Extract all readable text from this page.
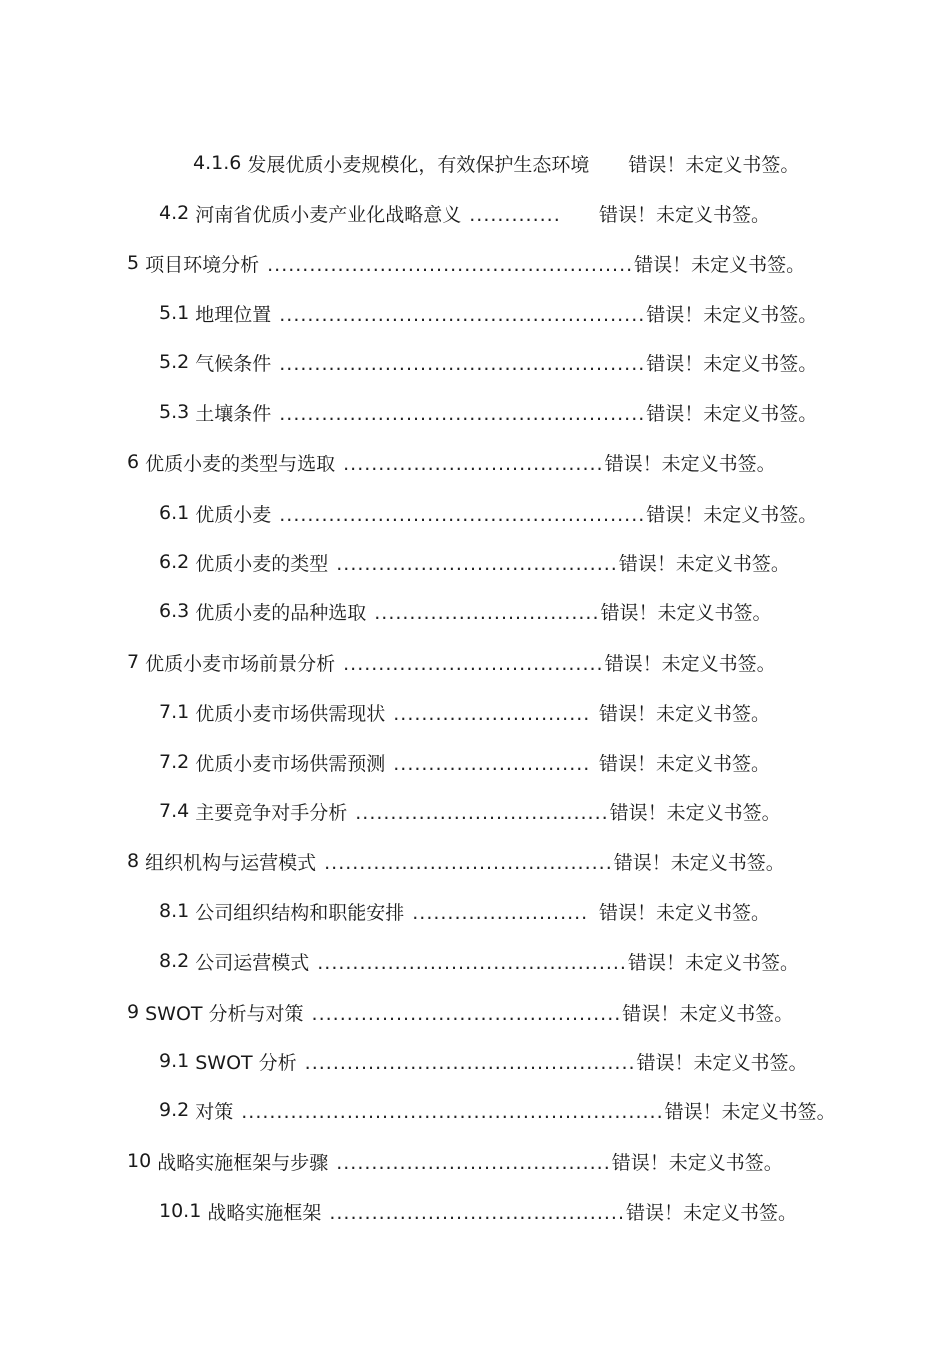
4.1.6 发展优质小麦规模化，有效保护生态环境 错误！未定义书签。
4.2 河南省优质小麦产业化战略意义 .............	错误！未定义书签。
5 项目环境分析 .................................................... 错误！未定义书签。
5.1 地理位置 .................................................... 错误！未定义书签。
5.2 气候条件 .................................................... 错误！未定义书签。
5.3 土壤条件 .................................................... 错误！未定义书签。
6 优质小麦的类型与选取 ..................................... 错误！未定义书签。
6.1 优质小麦 .................................................... 错误！未定义书签。
6.2 优质小麦的类型 ........................................ 错误！未定义书签。
6.3 优质小麦的品种选取 ................................ 错误！未定义书签。
7 优质小麦市场前景分析 ..................................... 错误！未定义书签。
7.1 优质小麦市场供需现状 ............................ 错误！未定义书签。
7.2 优质小麦市场供需预测 ............................ 错误！未定义书签。
7.4 主要竞争对手分析 .................................... 错误！未定义书签。
8 组织机构与运营模式 ......................................... 错误！未定义书签。
8.1 公司组织结构和职能安排 ......................... 错误！未定义书签。
8.2 公司运营模式 ............................................ 错误！未定义书签。
9 SWOT 分析与对策 ............................................ 错误！未定义书签。
9.1 SWOT 分析 ............................................... 错误！未定义书签。
9.2 对策 ............................................................ 错误！未定义书签。
10 战略实施框架与步骤 ....................................... 错误！未定义书签。
10.1 战略实施框架 .......................................... 错误！未定义书签。
